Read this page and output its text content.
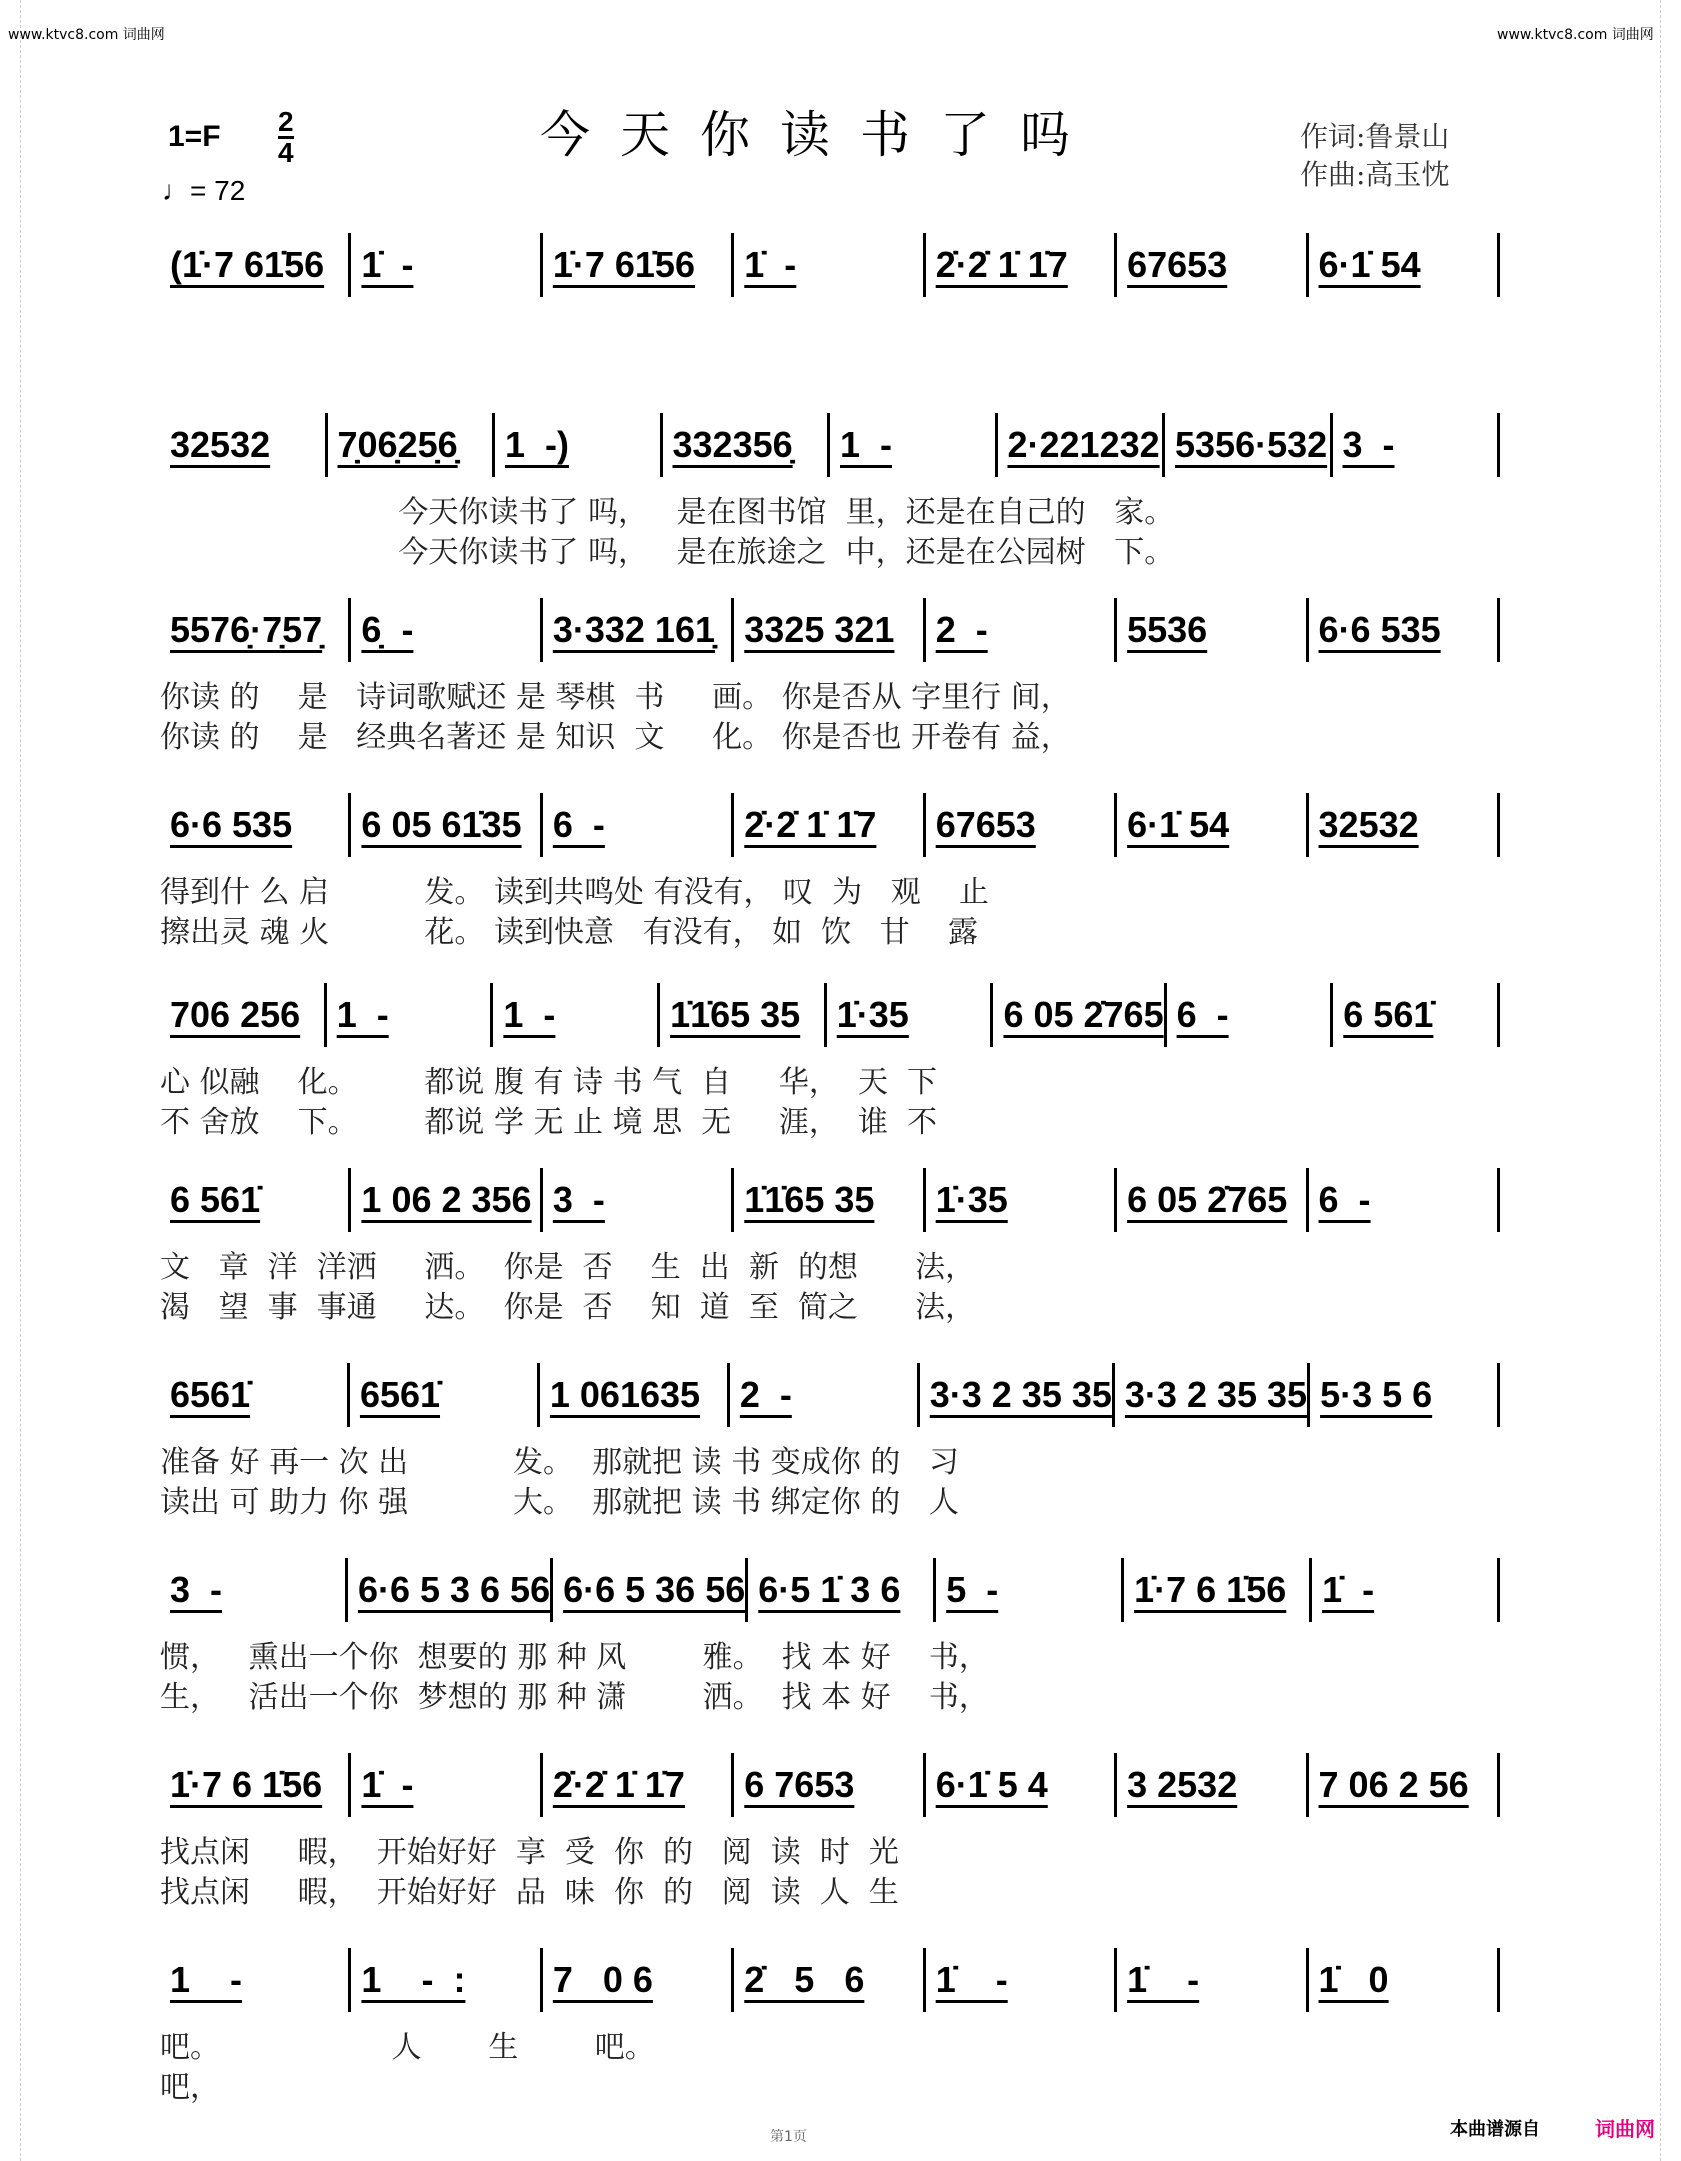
www.ktvc8.com 词曲网	www.ktvc8.com 词曲网
1=F 2
4
♩= 72
今天你读书了吗	作词:鲁景山
作曲:高玉忱
(1̇·7 61̇56	1̇  -	1̇·7 61̇56	1̇  -	2̇·2̇ 1̇ 1̇7	67653	6·1̇ 54
32532	7̣06̣25̣6̣	1  -)	332356̣	1  -	2·221232 5356·532 3  -
今天你读书了 吗，   是在图书馆  里，还是在自己的   家。
今天你读书了 吗，   是在旅途之  中，还是在公园树   下。
5576̣·7̣57̣	6̣  -	3·332 161̣ 3325 321	2  -	5536	6·6 535
你读 的    是   诗词歌赋还 是 琴棋  书     画。 你是否从 字里行 间，
你读 的    是   经典名著还 是 知识  文     化。 你是否也 开卷有 益，
6·6 535	6 05 61̇35 6  -	2̇·2̇ 1̇ 1̇7	67653	6·1̇ 54	32532
得到什 么 启          发。 读到共鸣处 有没有， 叹  为   观    止
擦出灵 魂 火          花。 读到快意   有没有， 如  饮   甘    露
706 256	1  -	1  -	1̇1̇65 35	1̇·35	6 05 2̇765 6  -	6 561̇
心 似融    化。       都说 腹 有 诗 书 气  自     华，  天  下
不 舍放    下。       都说 学 无 止 境 思  无     涯，  谁  不
6 561̇	1 06 2 356 3  -	1̇1̇65 35	1̇·35	6 05 2̇765 6  -
文   章  洋  洋洒     洒。  你是  否    生  出  新  的想      法，
渴   望  事  事通     达。  你是  否    知  道  至  简之      法，
6561̇	6561̇	1 061635	2  -	3·3 2 35 35 3·3 2 35 35 5·3 5 6
准备 好 再一 次 出           发。  那就把 读 书 变成你 的   习
读出 可 助力 你 强           大。  那就把 读 书 绑定你 的   人
3  -	6·6 5 3 6 56 6·6 5 36 56 6·5 1̇ 3 6	5  -	1̇·7 6 1̇56 1̇  -
惯，   熏出一个你  想要的 那 种 风        雅。  找 本 好    书，
生，   活出一个你  梦想的 那 种 潇        洒。  找 本 好    书，
1̇·7 6 1̇56	1̇  -	2̇·2̇ 1̇ 1̇7	6 7653	6·1̇ 5 4	3 2532	7 06 2 56
找点闲     暇，  开始好好  享  受  你  的   阅  读  时  光
找点闲     暇，  开始好好  品  味  你  的   阅  读  人  生
1    -	1    -  :	7   0 6	2̇   5   6	1̇    -	1̇    -	1̇   0
吧。                  人       生        吧。
吧，
本曲谱源自	词曲网
第1页
